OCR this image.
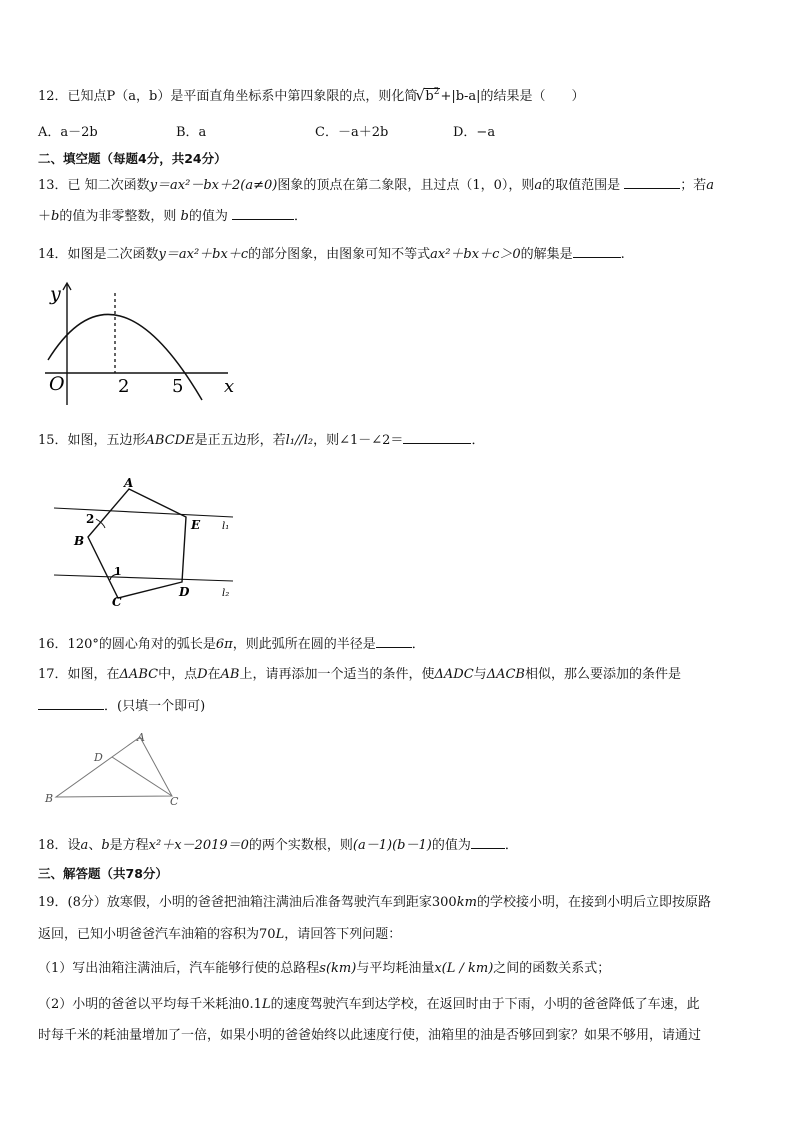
12．已知点P（a，b）是平面直角坐标系中第四象限的点，则化简 √ $b^2+|b-a|$的结果是（　　）
A．a－2b	B．a	C．－a＋2b	D．−a
二、填空题（每题4分，共24分）
13．已 知二次函数y＝ax²－bx＋2(a≠0)图象的顶点在第二象限，且过点（1，0），则a的取值范围是	；若a
＋b的值为非零整数，则 b的值为	．
14．如图是二次函数y＝ax²＋bx＋c的部分图象，由图象可知不等式ax²＋bx＋c＞0的解集是	.
O	2 5 x
y
15．如图，五边形ABCDE是正五边形，若l₁//l₂，则∠1－∠2＝	．
A
B
C
D
E
1
2
l₁
l₂
16．120°的圆心角对的弧长是6π，则此弧所在圆的半径是	．
17．如图，在ΔABC中，点D在AB上，请再添加一个适当的条件，使ΔADC与ΔACB相似，那么要添加的条件是
．(只填一个即可)
A
D
B	C
18．设a、b是方程x²＋x－2019＝0的两个实数根，则(a－1)(b－1)的值为	．
三、解答题（共78分）
19．(8分）放寒假，小明的爸爸把油箱注满油后准备驾驶汽车到距家300km的学校接小明，在接到小明后立即按原路
返回，已知小明爸爸汽车油箱的容积为70L，请回答下列问题：
（1）写出油箱注满油后，汽车能够行使的总路程s(km)与平均耗油量x(L / km)之间的函数关系式；
（2）小明的爸爸以平均每千米耗油0.1L的速度驾驶汽车到达学校，在返回时由于下雨，小明的爸爸降低了车速，此
时每千米的耗油量增加了一倍，如果小明的爸爸始终以此速度行使，油箱里的油是否够回到家？如果不够用，请通过
